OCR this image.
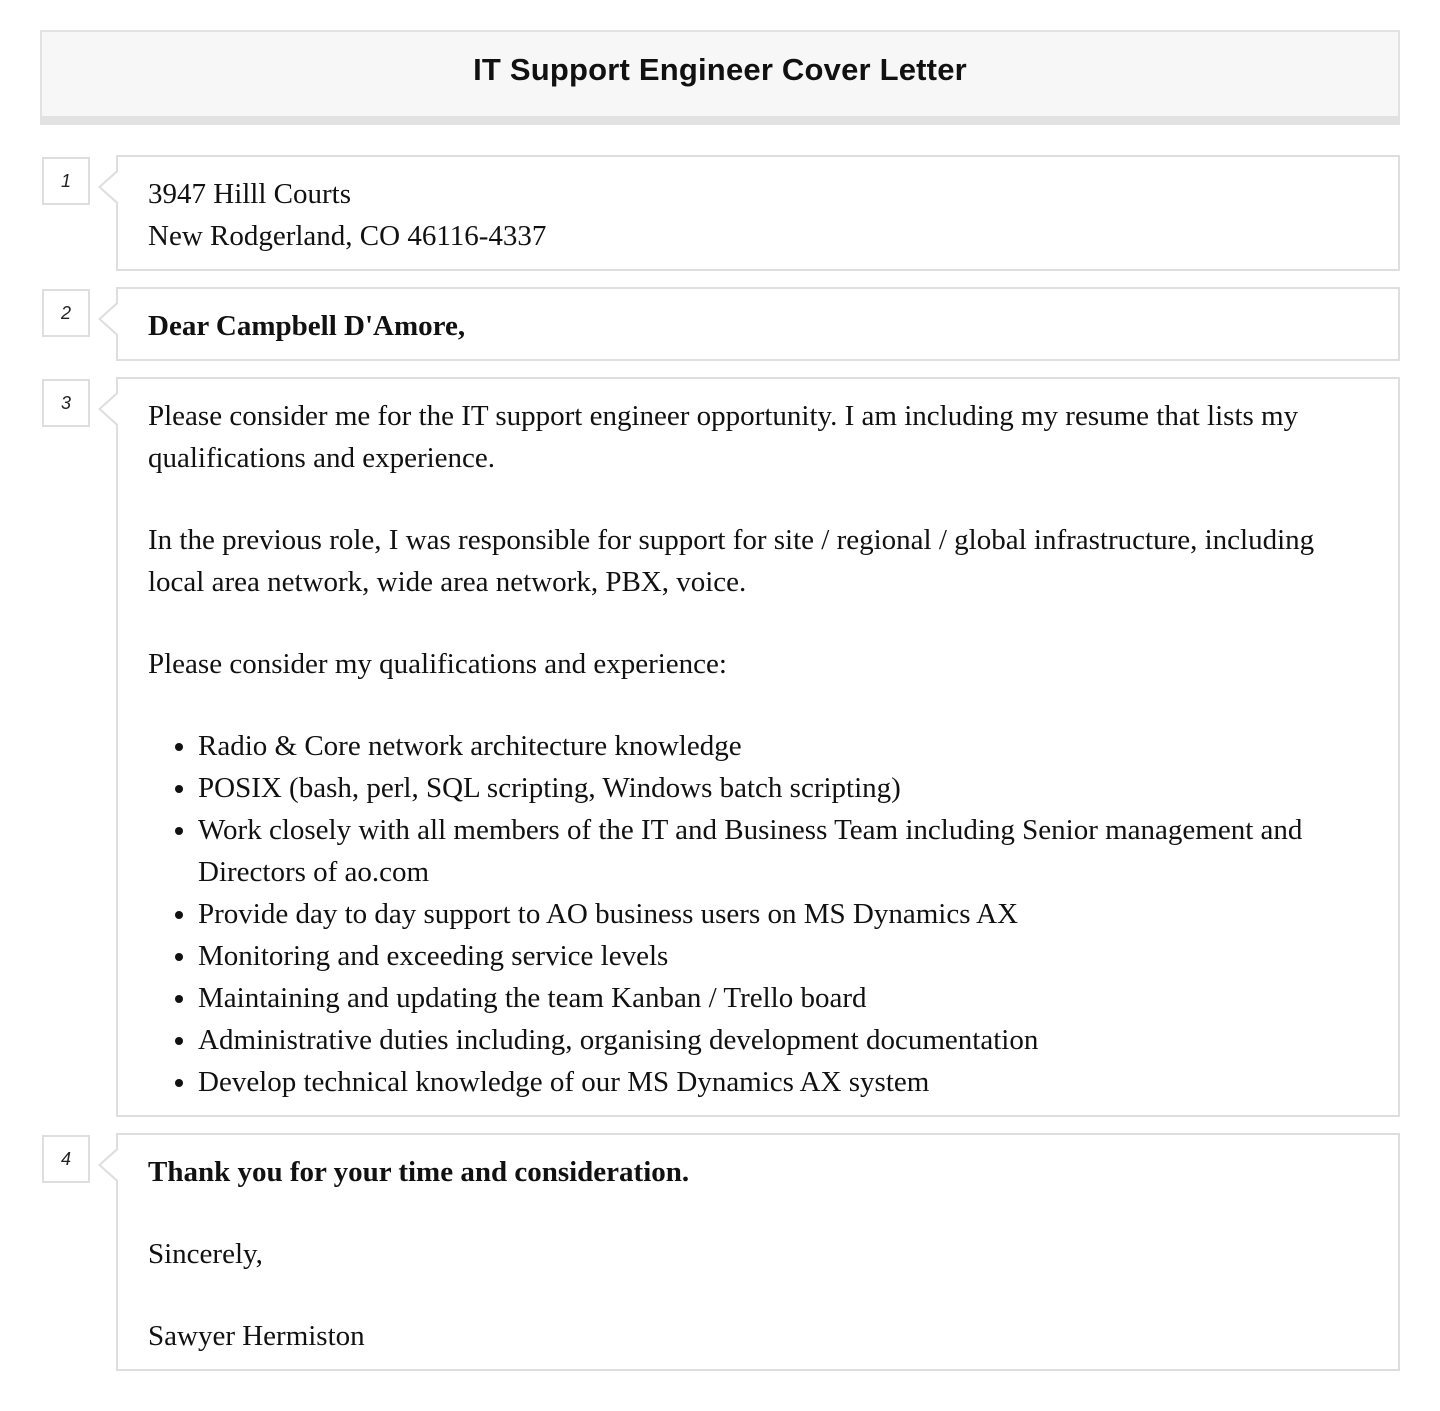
IT Support Engineer Cover Letter
1	3947 Hilll Courts
New Rodgerland, CO 46116-4337
2	Dear Campbell D'Amore,
3	Please consider me for the IT support engineer opportunity. I am including my resume that lists my qualifications and experience.

In the previous role, I was responsible for support for site / regional / global infrastructure, including local area network, wide area network, PBX, voice.

Please consider my qualifications and experience:

• Radio & Core network architecture knowledge
• POSIX (bash, perl, SQL scripting, Windows batch scripting)
• Work closely with all members of the IT and Business Team including Senior management and Directors of ao.com
• Provide day to day support to AO business users on MS Dynamics AX
• Monitoring and exceeding service levels
• Maintaining and updating the team Kanban / Trello board
• Administrative duties including, organising development documentation
• Develop technical knowledge of our MS Dynamics AX system
4	Thank you for your time and consideration.
Sincerely,
Sawyer Hermiston
